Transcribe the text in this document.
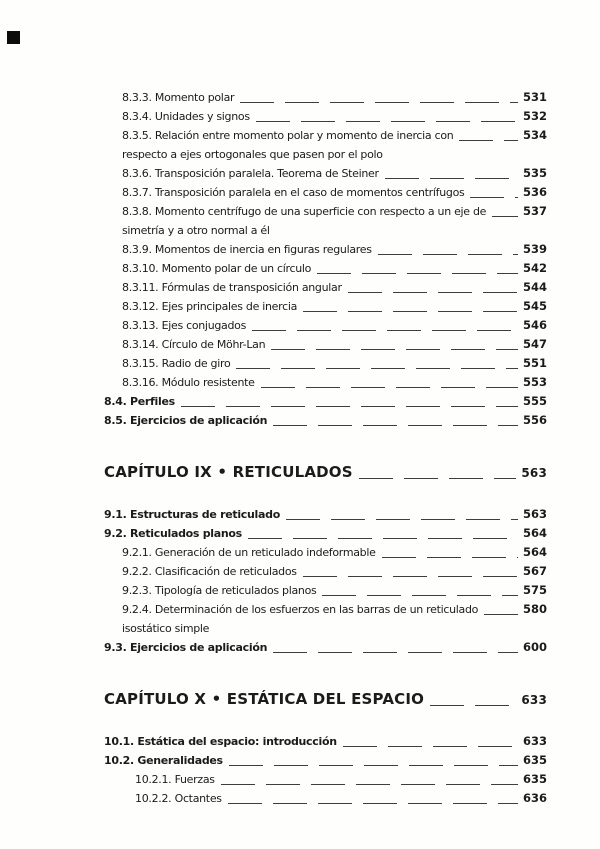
8.3.3. Momento polar	531
8.3.4. Unidades y signos	532
8.3.5. Relación entre momento polar y momento de inercia con	534
respecto a ejes ortogonales que pasen por el polo
8.3.6. Transposición paralela. Teorema de Steiner	535
8.3.7. Transposición paralela en el caso de momentos centrífugos	536
8.3.8. Momento centrífugo de una superficie con respecto a un eje de	537
simetría y a otro normal a él
8.3.9. Momentos de inercia en figuras regulares	539
8.3.10. Momento polar de un círculo	542
8.3.11. Fórmulas de transposición angular	544
8.3.12. Ejes principales de inercia	545
8.3.13. Ejes conjugados	546
8.3.14. Círculo de Möhr-Lan	547
8.3.15. Radio de giro	551
8.3.16. Módulo resistente	553
8.4. Perfiles	555
8.5. Ejercicios de aplicación	556
CAPÍTULO IX • RETICULADOS	563
9.1. Estructuras de reticulado	563
9.2. Reticulados planos	564
9.2.1. Generación de un reticulado indeformable	564
9.2.2. Clasificación de reticulados	567
9.2.3. Tipología de reticulados planos	575
9.2.4. Determinación de los esfuerzos en las barras de un reticulado	580
isostático simple
9.3. Ejercicios de aplicación	600
CAPÍTULO X • ESTÁTICA DEL ESPACIO	633
10.1. Estática del espacio: introducción	633
10.2. Generalidades	635
10.2.1. Fuerzas	635
10.2.2. Octantes	636
